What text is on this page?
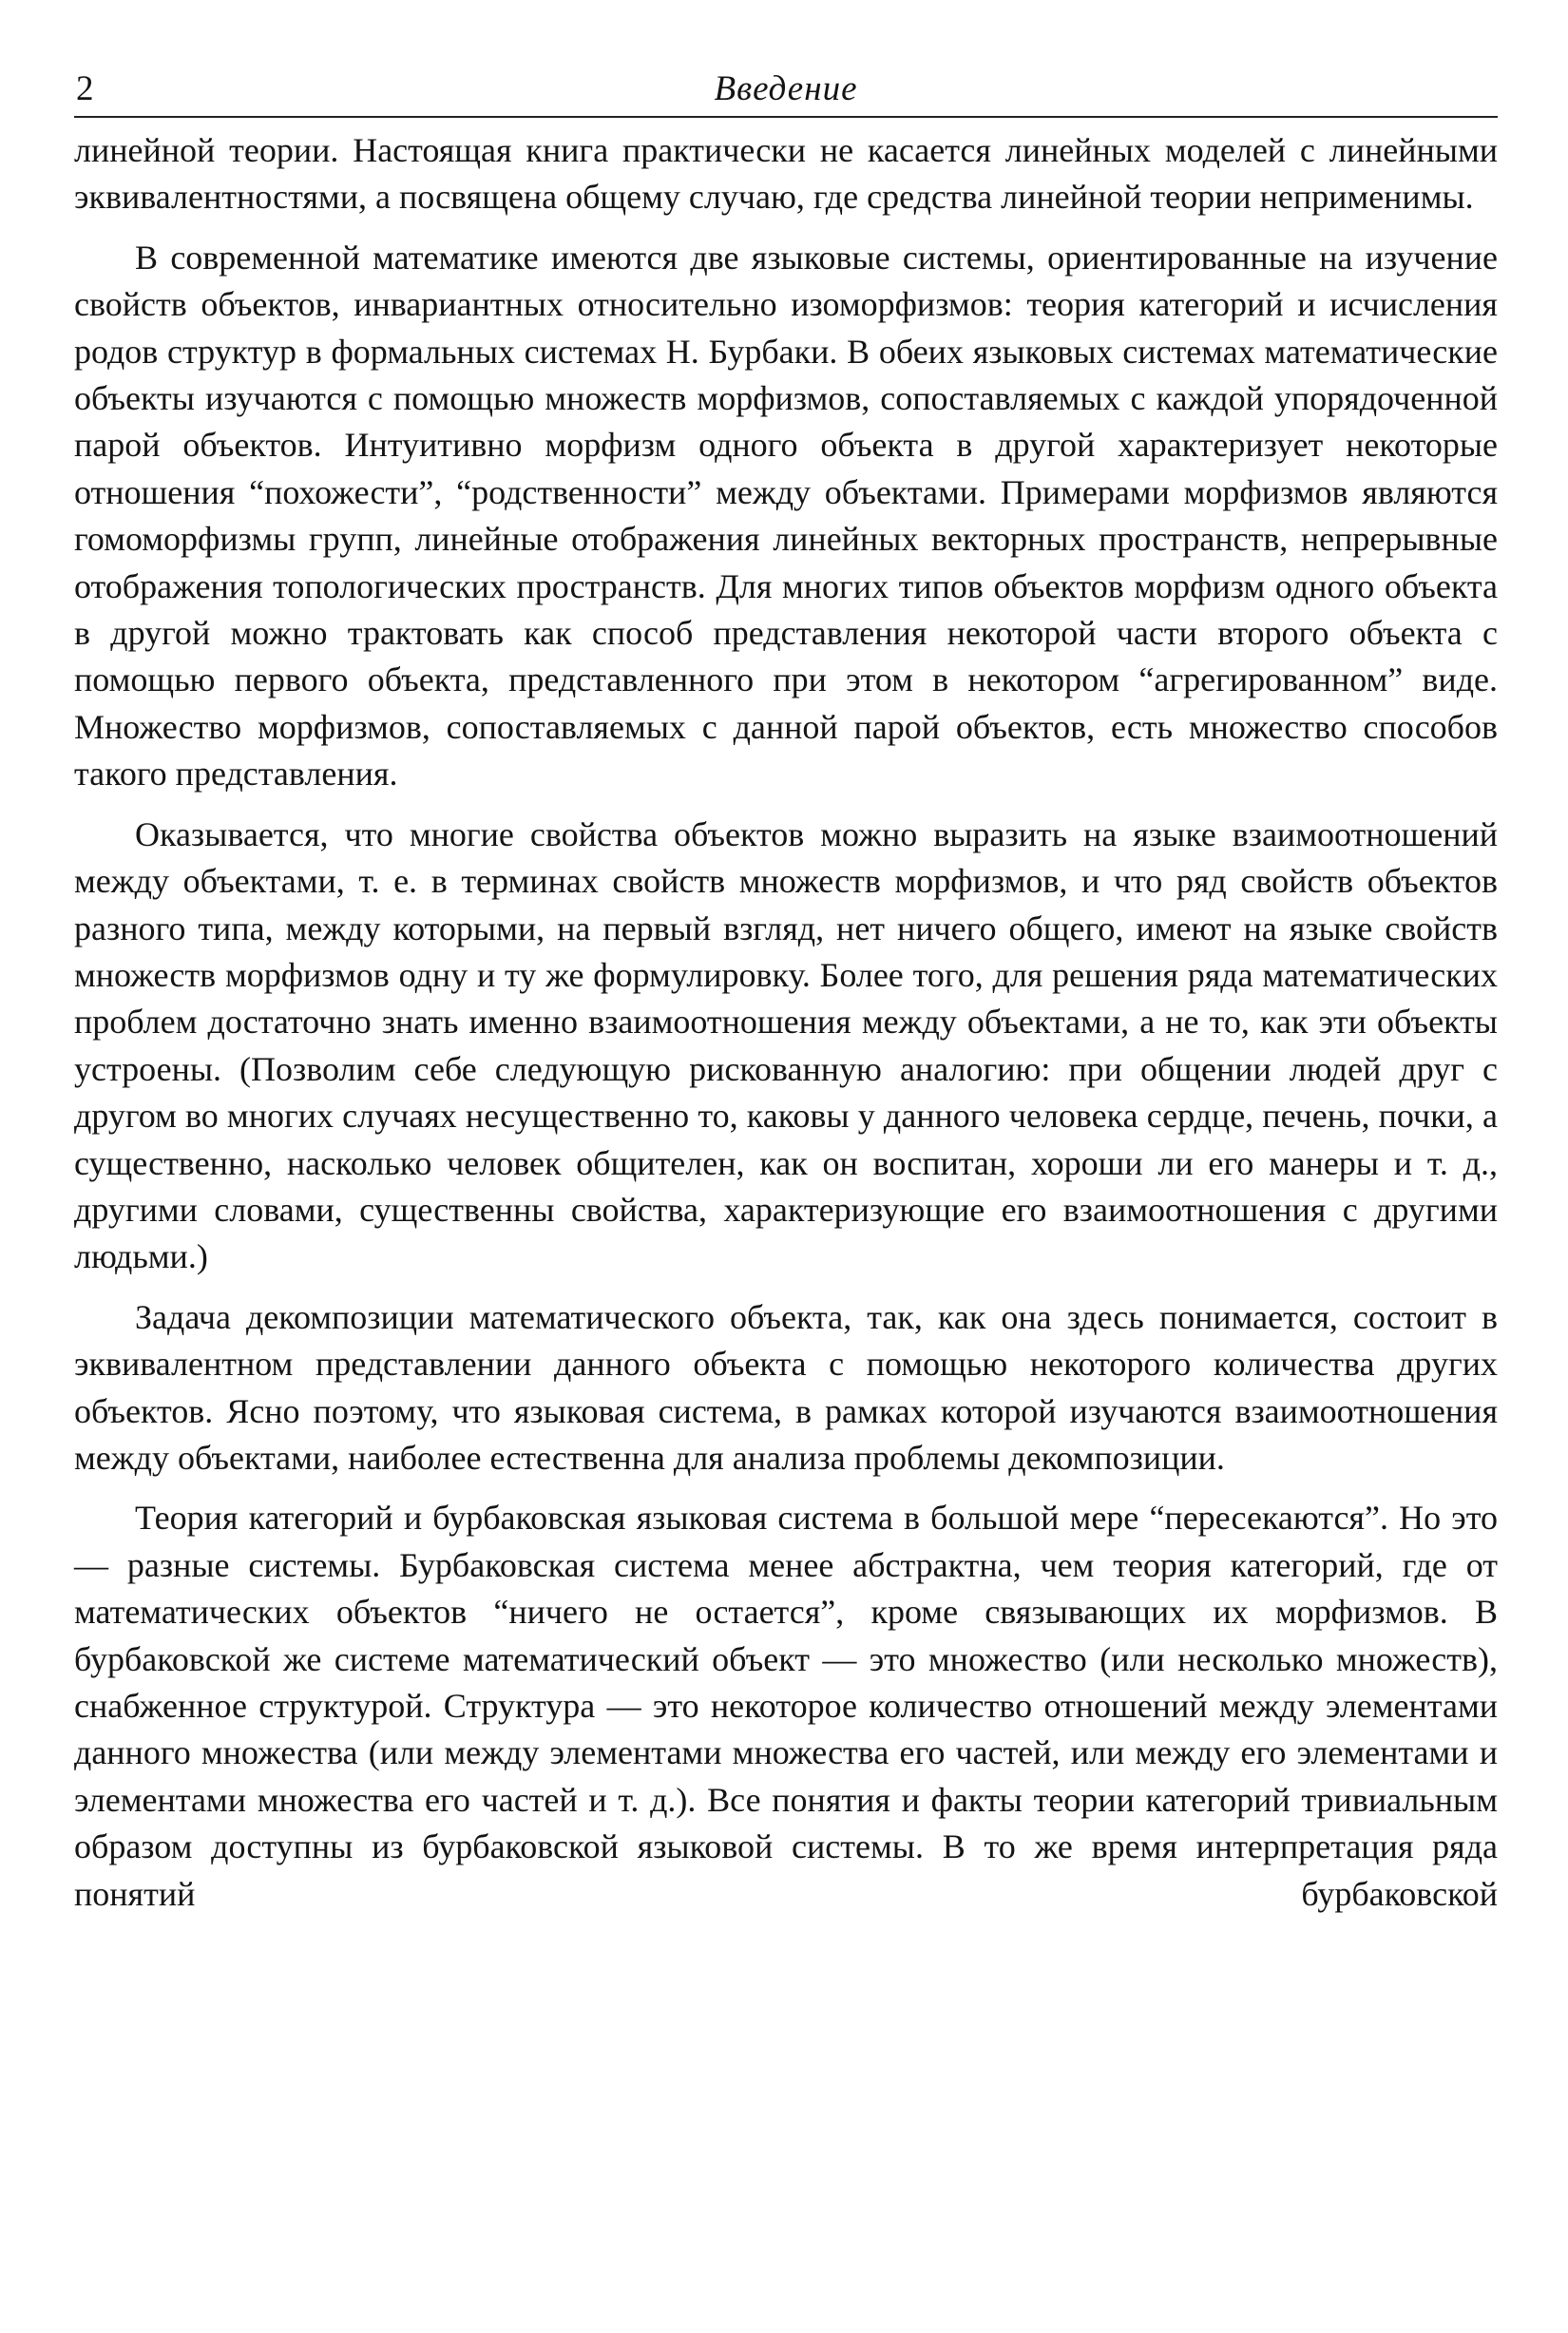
2	Введение

линейной теории. Настоящая книга практически не касается линейных моделей с линейными эквивалентностями, а посвящена общему случаю, где средства линейной теории неприменимы.

В современной математике имеются две языковые системы, ориентированные на изучение свойств объектов, инвариантных относительно изоморфизмов: теория категорий и исчисления родов структур в формальных системах Н. Бурбаки. В обеих языковых системах математические объекты изучаются с помощью множеств морфизмов, сопоставляемых с каждой упорядоченной парой объектов. Интуитивно морфизм одного объекта в другой характеризует некоторые отношения “похожести”, “родственности” между объектами. Примерами морфизмов являются гомоморфизмы групп, линейные отображения линейных векторных пространств, непрерывные отображения топологических пространств. Для многих типов объектов морфизм одного объекта в другой можно трактовать как способ представления некоторой части второго объекта с помощью первого объекта, представленного при этом в некотором “агрегированном” виде. Множество морфизмов, сопоставляемых с данной парой объектов, есть множество способов такого представления.

Оказывается, что многие свойства объектов можно выразить на языке взаимоотношений между объектами, т. е. в терминах свойств множеств морфизмов, и что ряд свойств объектов разного типа, между которыми, на первый взгляд, нет ничего общего, имеют на языке свойств множеств морфизмов одну и ту же формулировку. Более того, для решения ряда математических проблем достаточно знать именно взаимоотношения между объектами, а не то, как эти объекты устроены. (Позволим себе следующую рискованную аналогию: при общении людей друг с другом во многих случаях несущественно то, каковы у данного человека сердце, печень, почки, а существенно, насколько человек общителен, как он воспитан, хороши ли его манеры и т. д., другими словами, существенны свойства, характеризующие его взаимоотношения с другими людьми.)

Задача декомпозиции математического объекта, так, как она здесь понимается, состоит в эквивалентном представлении данного объекта с помощью некоторого количества других объектов. Ясно поэтому, что языковая система, в рамках которой изучаются взаимоотношения между объектами, наиболее естественна для анализа проблемы декомпозиции.

Теория категорий и бурбаковская языковая система в большой мере “пересекаются”. Но это — разные системы. Бурбаковская система менее абстрактна, чем теория категорий, где от математических объектов “ничего не остается”, кроме связывающих их морфизмов. В бурбаковской же системе математический объект — это множество (или несколько множеств), снабженное структурой. Структура — это некоторое количество отношений между элементами данного множества (или между элементами множества его частей, или между его элементами и элементами множества его частей и т. д.). Все понятия и факты теории категорий тривиальным образом доступны из бурбаковской языковой системы. В то же время интерпретация ряда понятий бурбаковской
